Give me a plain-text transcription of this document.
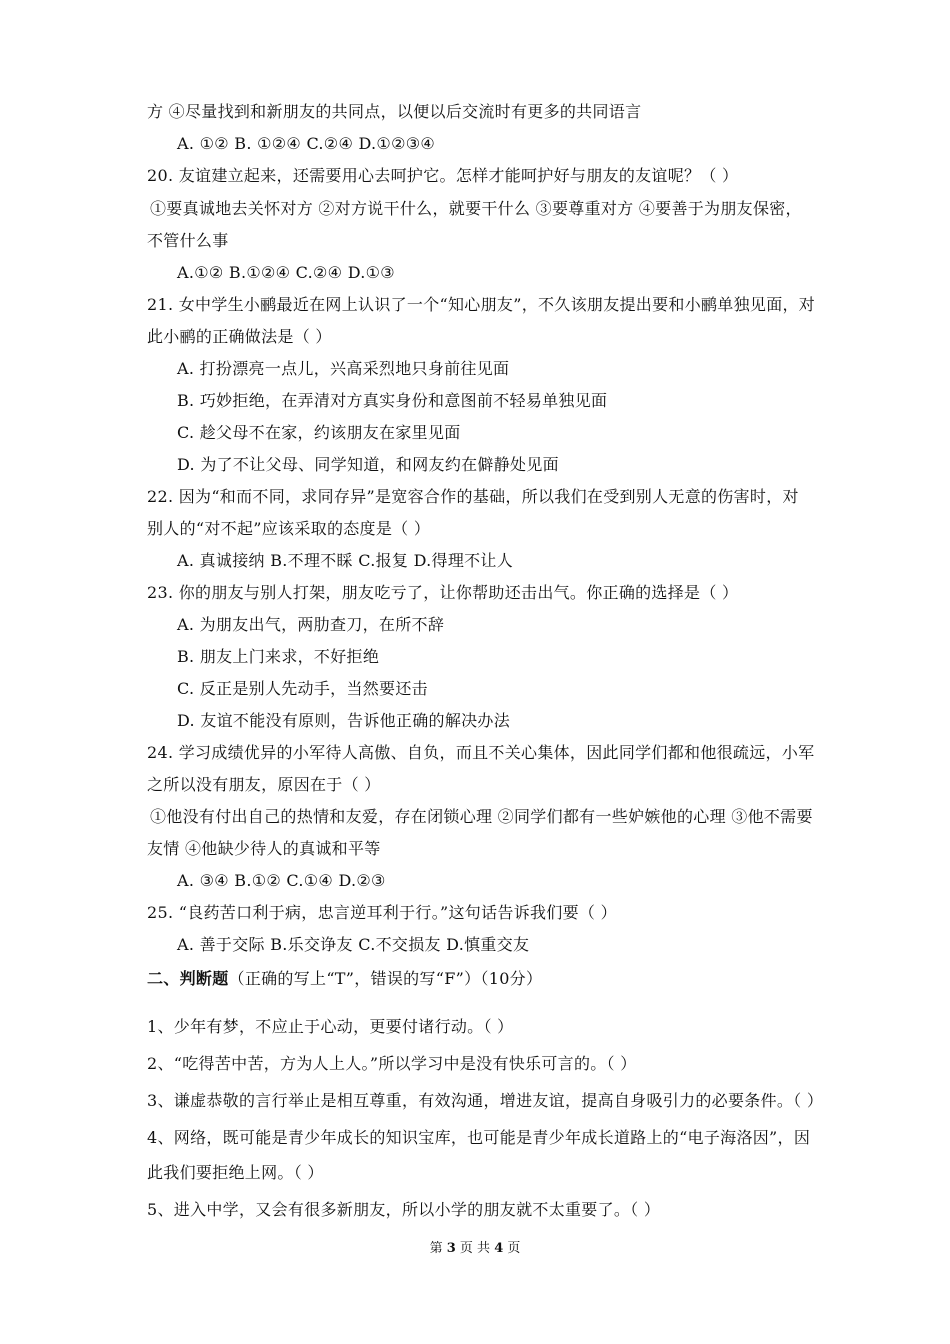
方 ④尽量找到和新朋友的共同点，以便以后交流时有更多的共同语言
A. ①② B. ①②④ C.②④ D.①②③④
20. 友谊建立起来，还需要用心去呵护它。怎样才能呵护好与朋友的友谊呢？（ ）
①要真诚地去关怀对方 ②对方说干什么，就要干什么 ③要尊重对方 ④要善于为朋友保密，
不管什么事
A.①② B.①②④ C.②④ D.①③
21. 女中学生小鹂最近在网上认识了一个“知心朋友”，不久该朋友提出要和小鹂单独见面，对
此小鹂的正确做法是（ ）
A. 打扮漂亮一点儿，兴高采烈地只身前往见面
B. 巧妙拒绝，在弄清对方真实身份和意图前不轻易单独见面
C. 趁父母不在家，约该朋友在家里见面
D. 为了不让父母、同学知道，和网友约在僻静处见面
22. 因为“和而不同，求同存异”是宽容合作的基础，所以我们在受到别人无意的伤害时，对
别人的“对不起”应该采取的态度是（ ）
A. 真诚接纳 B.不理不睬 C.报复 D.得理不让人
23. 你的朋友与别人打架，朋友吃亏了，让你帮助还击出气。你正确的选择是（ ）
A. 为朋友出气，两肋查刀，在所不辞
B. 朋友上门来求，不好拒绝
C. 反正是别人先动手，当然要还击
D. 友谊不能没有原则，告诉他正确的解决办法
24. 学习成绩优异的小军待人高傲、自负，而且不关心集体，因此同学们都和他很疏远，小军
之所以没有朋友，原因在于（ ）
①他没有付出自己的热情和友爱，存在闭锁心理 ②同学们都有一些妒嫉他的心理 ③他不需要
友情 ④他缺少待人的真诚和平等
A. ③④ B.①② C.①④ D.②③
25. “良药苦口利于病，忠言逆耳利于行。”这句话告诉我们要（ ）
A. 善于交际 B.乐交诤友 C.不交损友 D.慎重交友
二、判断题（正确的写上“T”，错误的写“F”）（10分）
1、少年有梦，不应止于心动，更要付诸行动。（ ）
2、“吃得苦中苦，方为人上人。”所以学习中是没有快乐可言的。（ ）
3、谦虚恭敬的言行举止是相互尊重，有效沟通，增进友谊，提高自身吸引力的必要条件。（ ）
4、网络，既可能是青少年成长的知识宝库，也可能是青少年成长道路上的“电子海洛因”，因
此我们要拒绝上网。（ ）
5、进入中学，又会有很多新朋友，所以小学的朋友就不太重要了。（ ）
第 3 页 共 4 页
